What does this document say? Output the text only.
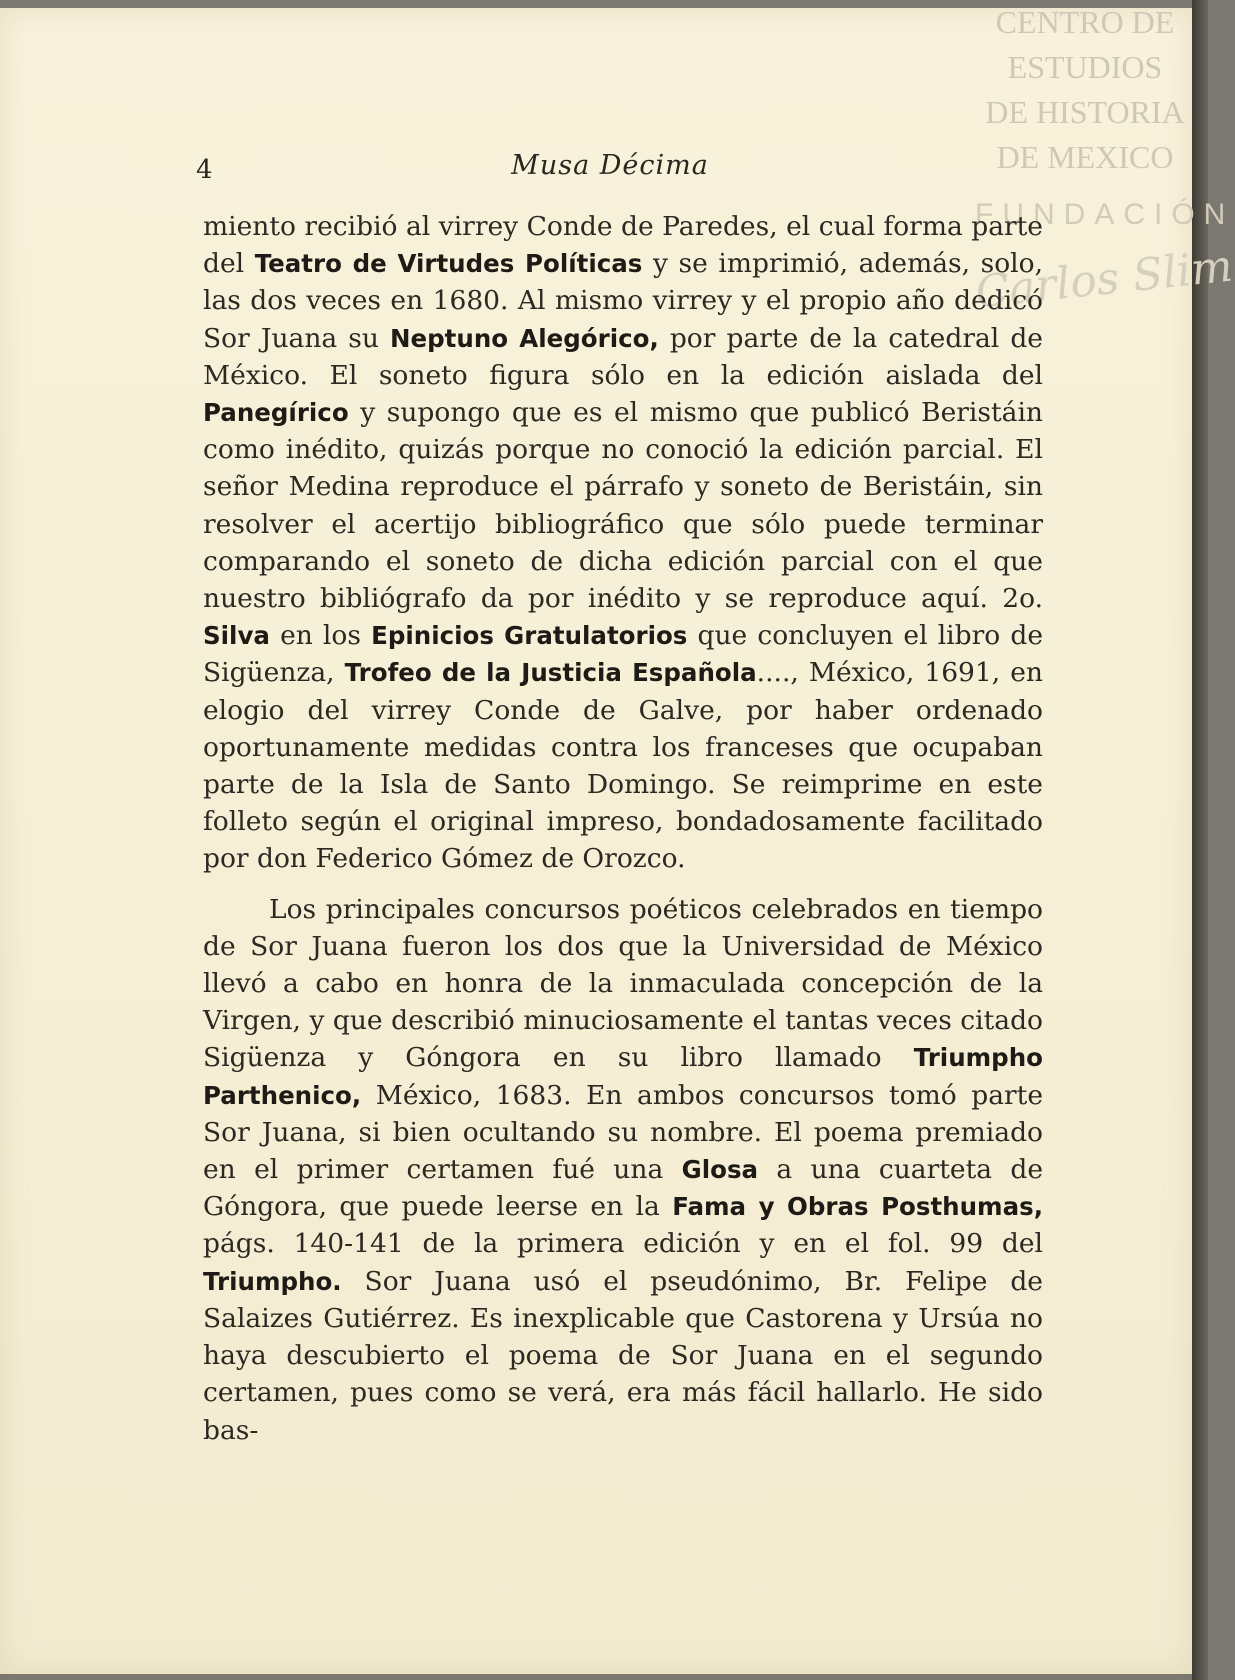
CENTRO DE
ESTUDIOS
DE HISTORIA
DE MEXICO
FUNDACIÓN
Carlos Slim
4	Musa Décima

miento recibió al virrey Conde de Paredes, el cual forma parte del Teatro de Virtudes Políticas y se imprimió, además, solo, las dos veces en 1680. Al mismo virrey y el propio año dedicó Sor Juana su Neptuno Alegórico, por parte de la catedral de México. El soneto figura sólo en la edición aislada del Panegírico y supongo que es el mismo que publicó Beristáin como inédito, quizás porque no conoció la edición parcial. El señor Medina reproduce el párrafo y soneto de Beristáin, sin resolver el acertijo bibliográfico que sólo puede terminar comparando el soneto de dicha edición parcial con el que nuestro bibliógrafo da por inédito y se reproduce aquí. 2o. Silva en los Epinicios Gratulatorios que concluyen el libro de Sigüenza, Trofeo de la Justicia Española...., México, 1691, en elogio del virrey Conde de Galve, por haber ordenado oportunamente medidas contra los franceses que ocupaban parte de la Isla de Santo Domingo. Se reimprime en este folleto según el original impreso, bondadosamente facilitado por don Federico Gómez de Orozco.

Los principales concursos poéticos celebrados en tiempo de Sor Juana fueron los dos que la Universidad de México llevó a cabo en honra de la inmaculada concepción de la Virgen, y que describió minuciosamente el tantas veces citado Sigüenza y Góngora en su libro llamado Triumpho Parthenico, México, 1683. En ambos concursos tomó parte Sor Juana, si bien ocultando su nombre. El poema premiado en el primer certamen fué una Glosa a una cuarteta de Góngora, que puede leerse en la Fama y Obras Posthumas, págs. 140-141 de la primera edición y en el fol. 99 del Triumpho. Sor Juana usó el pseudónimo, Br. Felipe de Salaizes Gutiérrez. Es inexplicable que Castorena y Ursúa no haya descubierto el poema de Sor Juana en el segundo certamen, pues como se verá, era más fácil hallarlo. He sido bas-
